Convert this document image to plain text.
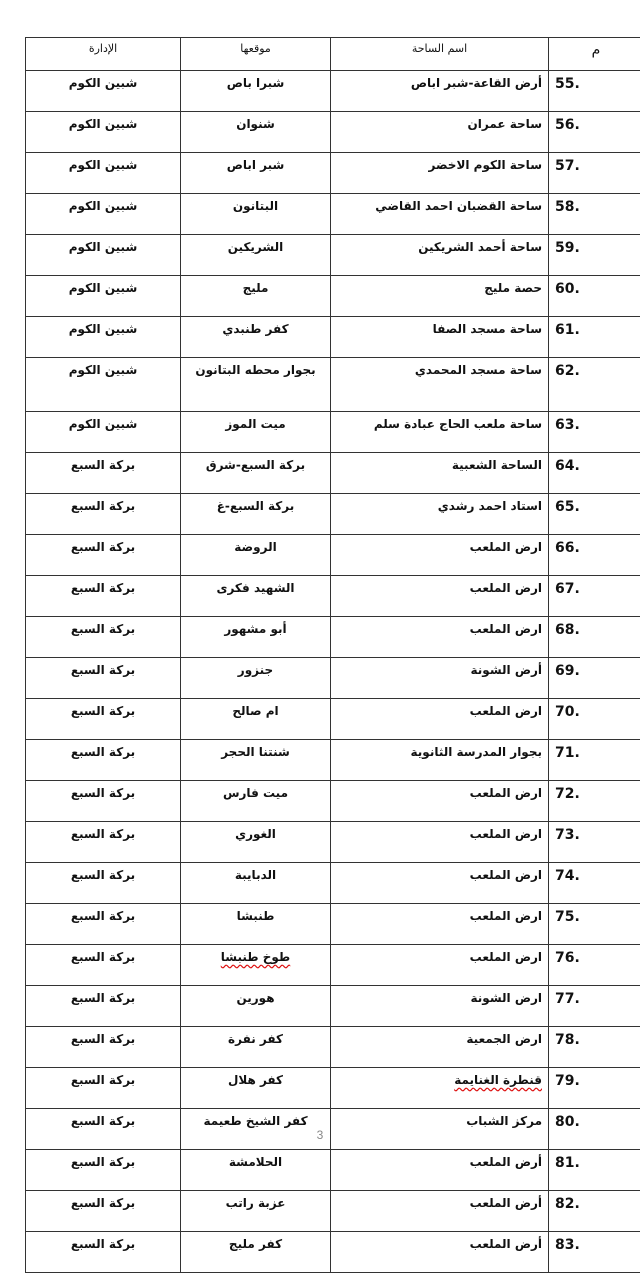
م	اسم الساحة	موقعها	الإدارة
.55	أرض القاعة-شبر اباص	شبرا باص	شبين الكوم
.56	ساحة عمران	شنوان	شبين الكوم
.57	ساحة الكوم الاخضر	شبر اباص	شبين الكوم
.58	ساحة القضبان احمد القاضي	البتانون	شبين الكوم
.59	ساحة أحمد الشريكين	الشريكين	شبين الكوم
.60	حصة مليج	مليج	شبين الكوم
.61	ساحة مسجد الصفا	كفر طنبدي	شبين الكوم
.62	ساحة مسجد المحمدي	بجوار محطه البتانون	شبين الكوم
.63	ساحة ملعب الحاج عبادة سلم	ميت الموز	شبين الكوم
.64	الساحة الشعبية	بركة السبع-شرق	بركة السبع
.65	استاد احمد رشدي	بركة السبع-غ	بركة السبع
.66	ارض الملعب	الروضة	بركة السبع
.67	ارض الملعب	الشهيد فكرى	بركة السبع
.68	ارض الملعب	أبو مشهور	بركة السبع
.69	أرض الشونة	جنزور	بركة السبع
.70	ارض الملعب	ام صالح	بركة السبع
.71	بجوار المدرسة الثانوية	شنتنا الحجر	بركة السبع
.72	ارض الملعب	ميت فارس	بركة السبع
.73	ارض الملعب	الغوري	بركة السبع
.74	ارض الملعب	الدبايبة	بركة السبع
.75	ارض الملعب	طنبشا	بركة السبع
.76	ارض الملعب	طوخ طنبشا	بركة السبع
.77	ارض الشونة	هورين	بركة السبع
.78	ارض الجمعية	كفر نفرة	بركة السبع
.79	قنطرة الغنايمة	كفر هلال	بركة السبع
.80	مركز الشباب	كفر الشيخ طعيمة	بركة السبع
.81	أرض الملعب	الحلامشة	بركة السبع
.82	أرض الملعب	عزبة راتب	بركة السبع
.83	أرض الملعب	كفر مليج	بركة السبع
3
